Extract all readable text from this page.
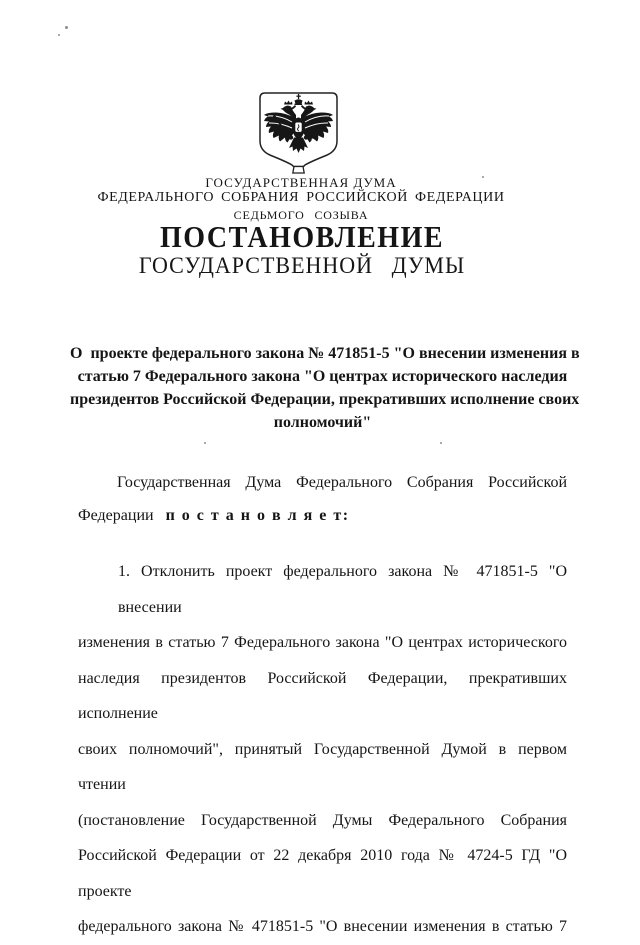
ГОСУДАРСТВЕННАЯ ДУМА
ФЕДЕРАЛЬНОГО СОБРАНИЯ РОССИЙСКОЙ ФЕДЕРАЦИИ
СЕДЬМОГО СОЗЫВА
ПОСТАНОВЛЕНИЕ
ГОСУДАРСТВЕННОЙ ДУМЫ
О  проекте федерального закона № 471851-5 "О внесении изменения в
статью 7 Федерального закона "О центрах исторического наследия
президентов Российской Федерации, прекративших исполнение своих
полномочий"
Государственная Дума Федерального Собрания Российской
Федерации п о с т а н о в л я е т:
1. Отклонить проект федерального закона № 471851-5 "О внесении
изменения в статью 7 Федерального закона "О центрах исторического
наследия президентов Российской Федерации, прекративших исполнение
своих полномочий", принятый Государственной Думой в первом чтении
(постановление Государственной Думы Федерального Собрания
Российской Федерации от 22 декабря 2010 года № 4724-5 ГД "О проекте
федерального закона № 471851-5 "О внесении изменения в статью 7
